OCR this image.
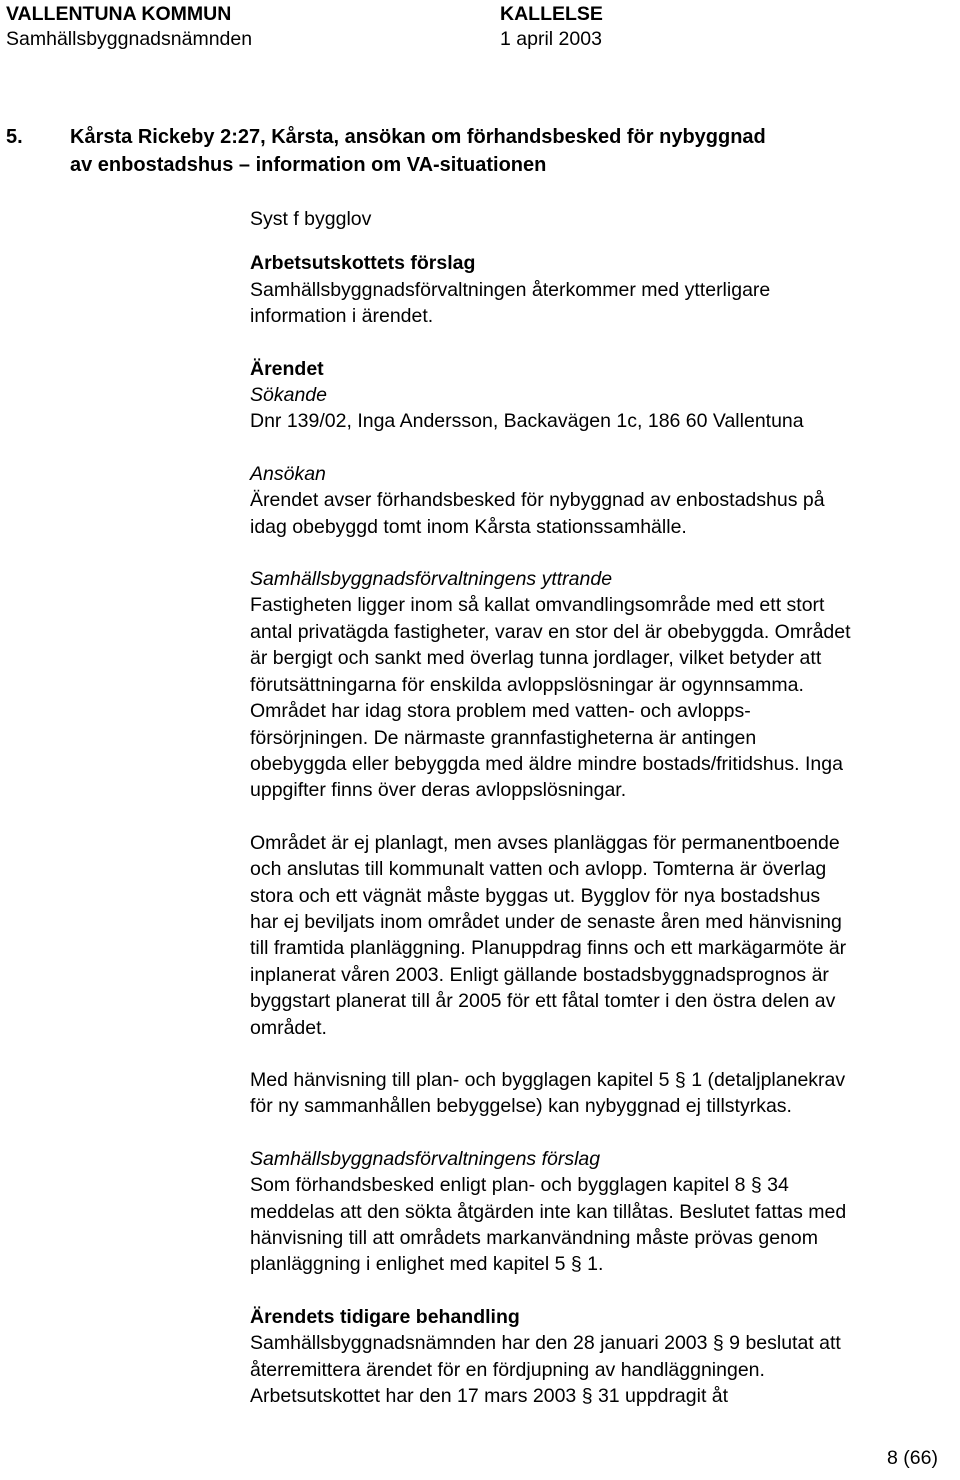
VALLENTUNA KOMMUN
Samhällsbyggnadsnämnden
KALLELSE
1 april 2003
5. Kårsta Rickeby 2:27, Kårsta, ansökan om förhandsbesked för nybyggnad
av enbostadshus – information om VA-situationen

Syst f bygglov

Arbetsutskottets förslag

Samhällsbyggnadsförvaltningen återkommer med ytterligare

information i ärendet.

Ärendet

Sökande

Dnr 139/02, Inga Andersson, Backavägen 1c, 186 60 Vallentuna

Ansökan

Ärendet avser förhandsbesked för nybyggnad av enbostadshus på

idag obebyggd tomt inom Kårsta stationssamhälle.

Samhällsbyggnadsförvaltningens yttrande

Fastigheten ligger inom så kallat omvandlingsområde med ett stort

antal privatägda fastigheter, varav en stor del är obebyggda. Området

är bergigt och sankt med överlag tunna jordlager, vilket betyder att

förutsättningarna för enskilda avloppslösningar är ogynnsamma.

Området har idag stora problem med vatten- och avlopps-

försörjningen. De närmaste grannfastigheterna är antingen

obebyggda eller bebyggda med äldre mindre bostads/fritidshus. Inga

uppgifter finns över deras avloppslösningar.

Området är ej planlagt, men avses planläggas för permanentboende

och anslutas till kommunalt vatten och avlopp. Tomterna är överlag

stora och ett vägnät måste byggas ut. Bygglov för nya bostadshus

har ej beviljats inom området under de senaste åren med hänvisning

till framtida planläggning. Planuppdrag finns och ett markägarmöte är

inplanerat våren 2003. Enligt gällande bostadsbyggnadsprognos är

byggstart planerat till år 2005 för ett fåtal tomter i den östra delen av

området.

Med hänvisning till plan- och bygglagen kapitel 5 § 1 (detaljplanekrav

för ny sammanhållen bebyggelse) kan nybyggnad ej tillstyrkas.

Samhällsbyggnadsförvaltningens förslag

Som förhandsbesked enligt plan- och bygglagen kapitel 8 § 34

meddelas att den sökta åtgärden inte kan tillåtas. Beslutet fattas med

hänvisning till att områdets markanvändning måste prövas genom

planläggning i enlighet med kapitel 5 § 1.

Ärendets tidigare behandling

Samhällsbyggnadsnämnden har den 28 januari 2003 § 9 beslutat att

återremittera ärendet för en fördjupning av handläggningen.

Arbetsutskottet har den 17 mars 2003 § 31 uppdragit åt

8 (66)
